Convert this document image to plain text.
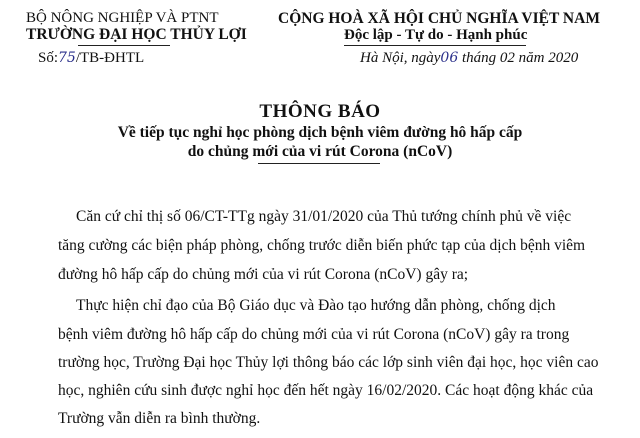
BỘ NÔNG NGHIỆP VÀ PTNT
TRƯỜNG ĐẠI HỌC THỦY LỢI
Số:75/TB-ĐHTL
CỘNG HOÀ XÃ HỘI CHỦ NGHĨA VIỆT NAM
Độc lập - Tự do - Hạnh phúc
Hà Nội, ngày06 tháng 02 năm 2020
THÔNG BÁO
Về tiếp tục nghỉ học phòng dịch bệnh viêm đường hô hấp cấp
do chủng mới của vi rút Corona (nCoV)
Căn cứ chỉ thị số 06/CT-TTg ngày 31/01/2020 của Thủ tướng chính phủ về việc
tăng cường các biện pháp phòng, chống trước diễn biến phức tạp của dịch bệnh viêm
đường hô hấp cấp do chủng mới của vi rút Corona (nCoV) gây ra;
Thực hiện chỉ đạo của Bộ Giáo dục và Đào tạo hướng dẫn phòng, chống dịch
bệnh viêm đường hô hấp cấp do chủng mới của vi rút Corona (nCoV) gây ra trong
trường học, Trường Đại học Thủy lợi thông báo các lớp sinh viên đại học, học viên cao
học, nghiên cứu sinh được nghỉ học đến hết ngày 16/02/2020. Các hoạt động khác của
Trường vẫn diễn ra bình thường.
